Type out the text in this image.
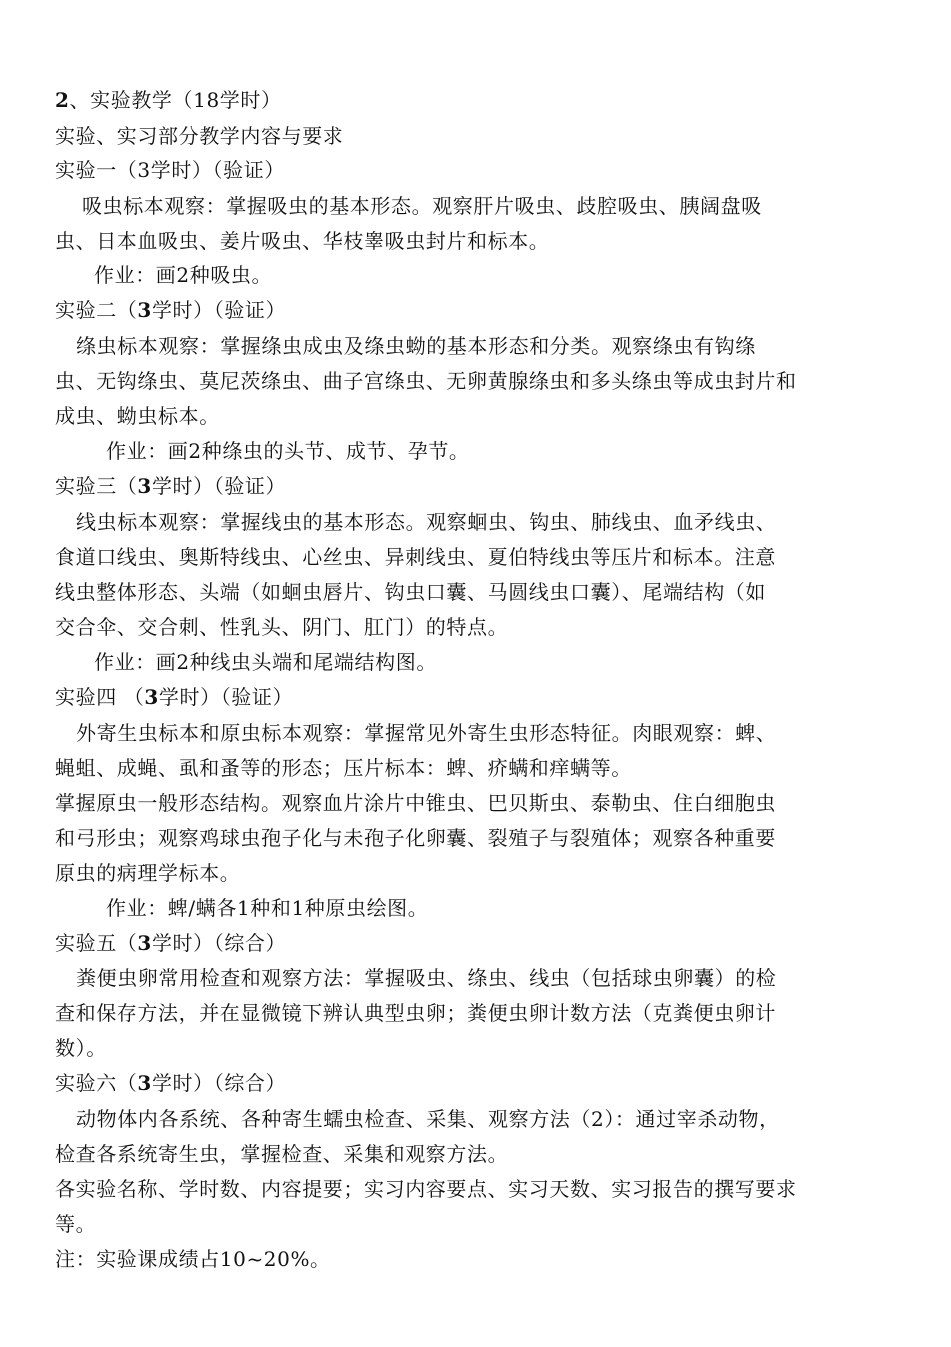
2、实验教学（18学时）

实验、实习部分教学内容与要求

实验一（3学时）（验证）

吸虫标本观察：掌握吸虫的基本形态。观察肝片吸虫、歧腔吸虫、胰阔盘吸

虫、日本血吸虫、姜片吸虫、华枝睾吸虫封片和标本。

作业：画2种吸虫。

实验二（3学时）（验证）

绦虫标本观察：掌握绦虫成虫及绦虫蚴的基本形态和分类。观察绦虫有钩绦

虫、无钩绦虫、莫尼茨绦虫、曲子宫绦虫、无卵黄腺绦虫和多头绦虫等成虫封片和

成虫、蚴虫标本。

作业：画2种绦虫的头节、成节、孕节。

实验三（3学时）（验证）

线虫标本观察：掌握线虫的基本形态。观察蛔虫、钩虫、肺线虫、血矛线虫、

食道口线虫、奥斯特线虫、心丝虫、异刺线虫、夏伯特线虫等压片和标本。注意

线虫整体形态、头端（如蛔虫唇片、钩虫口囊、马圆线虫口囊）、尾端结构（如

交合伞、交合刺、性乳头、阴门、肛门）的特点。

作业：画2种线虫头端和尾端结构图。

实验四 （3学时）（验证）

外寄生虫标本和原虫标本观察：掌握常见外寄生虫形态特征。肉眼观察：蜱、

蝇蛆、成蝇、虱和蚤等的形态；压片标本：蜱、疥螨和痒螨等。

掌握原虫一般形态结构。观察血片涂片中锥虫、巴贝斯虫、泰勒虫、住白细胞虫

和弓形虫；观察鸡球虫孢子化与未孢子化卵囊、裂殖子与裂殖体；观察各种重要

原虫的病理学标本。

作业：蜱/螨各1种和1种原虫绘图。

实验五（3学时）（综合）

粪便虫卵常用检查和观察方法：掌握吸虫、绦虫、线虫（包括球虫卵囊）的检

查和保存方法，并在显微镜下辨认典型虫卵；粪便虫卵计数方法（克粪便虫卵计

数）。

实验六（3学时）（综合）

动物体内各系统、各种寄生蠕虫检查、采集、观察方法（2）：通过宰杀动物，

检查各系统寄生虫，掌握检查、采集和观察方法。

各实验名称、学时数、内容提要；实习内容要点、实习天数、实习报告的撰写要求

等。

注：实验课成绩占10~20%。
